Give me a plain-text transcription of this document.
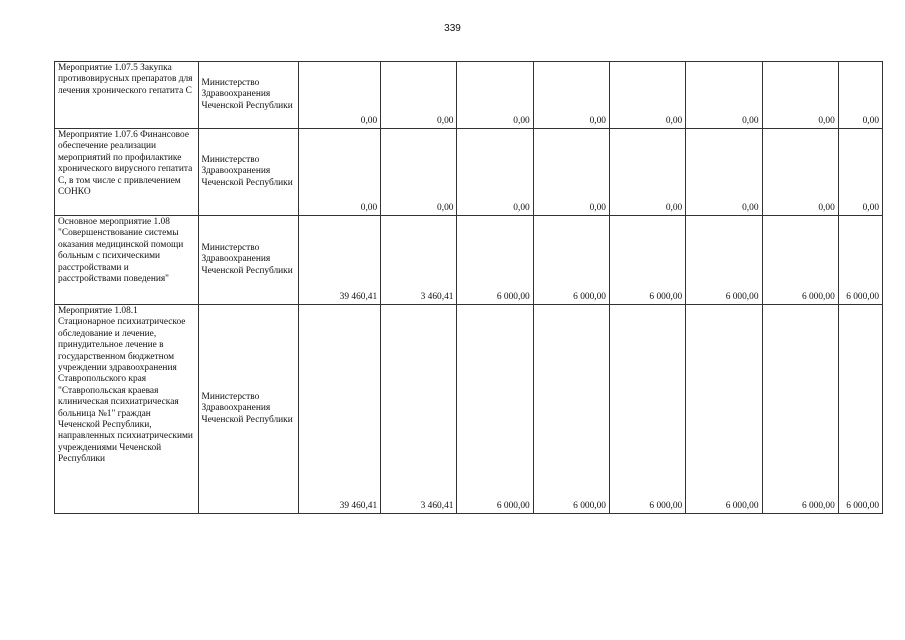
339
Мероприятие 1.07.5 Закупка противовирусных препаратов для лечения хронического гепатита С	Министерство Здравоохранения Чеченской Республики	0,00	0,00	0,00	0,00	0,00	0,00	0,00	0,00
Мероприятие 1.07.6 Финансовое обеспечение реализации мероприятий по профилактике хронического вирусного гепатита С, в том числе с привлечением СОНКО	Министерство Здравоохранения Чеченской Республики	0,00	0,00	0,00	0,00	0,00	0,00	0,00	0,00
Основное мероприятие 1.08 "Совершенствование системы оказания медицинской помощи больным с психическими расстройствами и расстройствами поведения"	Министерство Здравоохранения Чеченской Республики	39 460,41	3 460,41	6 000,00	6 000,00	6 000,00	6 000,00	6 000,00	6 000,00
Мероприятие 1.08.1 Стационарное психиатрическое обследование и лечение, принудительное лечение в государственном бюджетном учреждении здравоохранения Ставропольского края "Ставропольская краевая клиническая психиатрическая больница №1" граждан Чеченской Республики, направленных психиатрическими учреждениями Чеченской Республики	Министерство Здравоохранения Чеченской Республики	39 460,41	3 460,41	6 000,00	6 000,00	6 000,00	6 000,00	6 000,00	6 000,00
